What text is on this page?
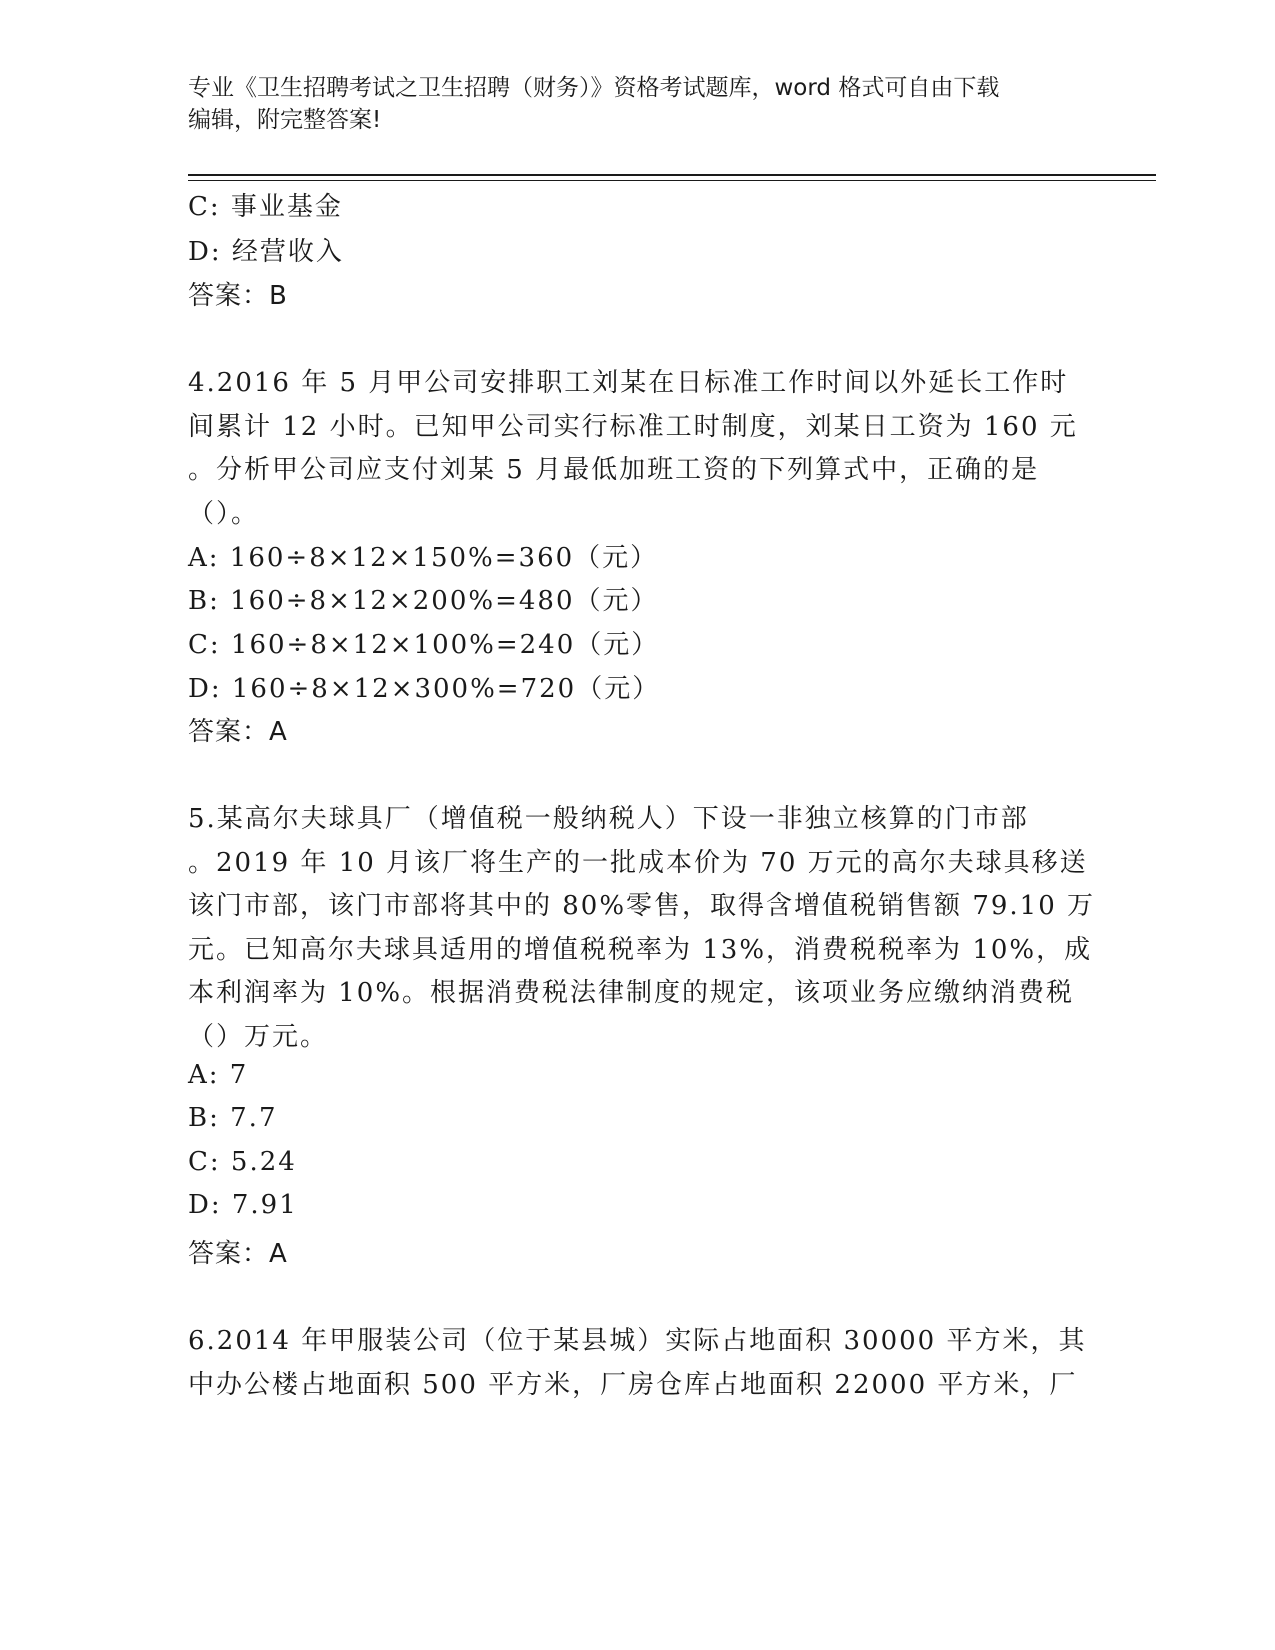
专业《卫生招聘考试之卫生招聘（财务）》资格考试题库，word 格式可自由下载
编辑，附完整答案!
C: 事业基金
D: 经营收入
答案：B
4.2016 年 5 月甲公司安排职工刘某在日标准工作时间以外延长工作时
间累计 12 小时。已知甲公司实行标准工时制度，刘某日工资为 160 元
。分析甲公司应支付刘某 5 月最低加班工资的下列算式中，正确的是
（）。
A: 160÷8×12×150%=360（元）
B: 160÷8×12×200%=480（元）
C: 160÷8×12×100%=240（元）
D: 160÷8×12×300%=720（元）
答案：A
5.某高尔夫球具厂（增值税一般纳税人）下设一非独立核算的门市部
。2019 年 10 月该厂将生产的一批成本价为 70 万元的高尔夫球具移送
该门市部，该门市部将其中的 80%零售，取得含增值税销售额 79.10 万
元。已知高尔夫球具适用的增值税税率为 13%，消费税税率为 10%，成
本利润率为 10%。根据消费税法律制度的规定，该项业务应缴纳消费税
（）万元。
A: 7
B: 7.7
C: 5.24
D: 7.91
答案：A
6.2014 年甲服装公司（位于某县城）实际占地面积 30000 平方米，其
中办公楼占地面积 500 平方米，厂房仓库占地面积 22000 平方米，厂
